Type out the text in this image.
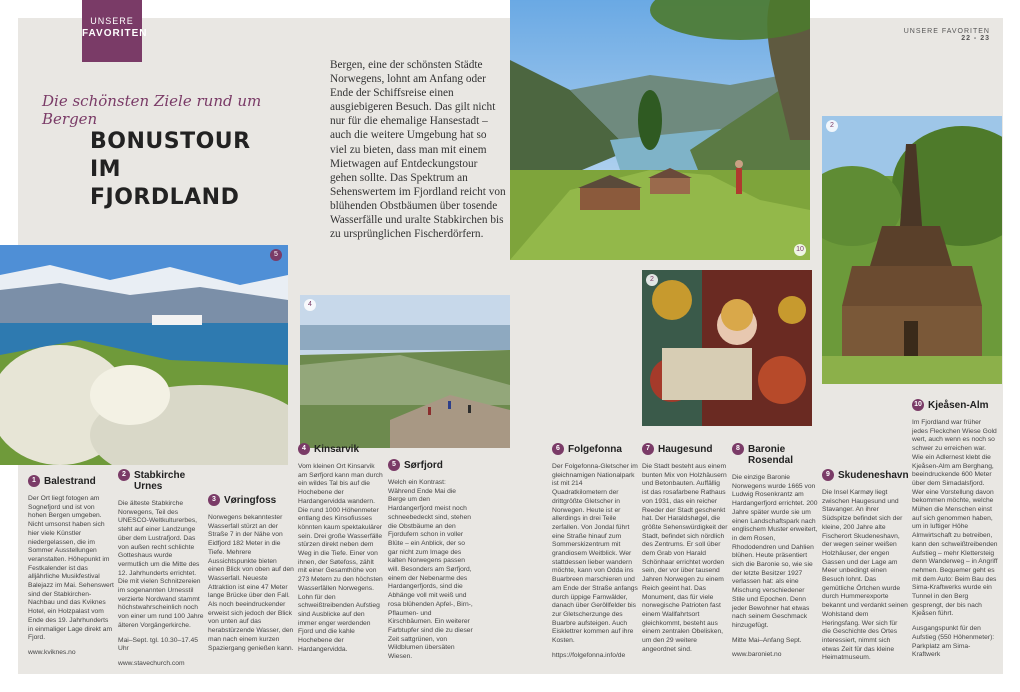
UNSERE
FAVORITEN	UNSERE FAVORITEN
22 - 23
Die schönsten Ziele rund um Bergen
BONUSTOUR
IM FJORDLAND
Bergen, eine der schönsten Städte Norwegens, lohnt am Anfang oder Ende der Schiffsreise einen ausgiebigeren Besuch. Das gilt nicht nur für die ehemalige Hansestadt – auch die weitere Umgebung hat so viel zu bieten, dass man mit einem Mietwagen auf Entdeckungstour gehen sollte. Das Spektrum an Sehenswertem im Fjordland reicht von blühenden Obstbäumen über tosende Wasserfälle und uralte Stabkirchen bis zu ursprünglichen Fischerdörfern.
10
2
5
4
2
1 Balestrand

Der Ort liegt fotogen am Sognefjord und ist von hohen Bergen umgeben. Nicht umsonst haben sich hier viele Künstler niedergelassen, die im Sommer Ausstellungen veranstalten. Höhepunkt im Festkalender ist das alljährliche Musikfestival Balejazz im Mai. Sehenswert sind der Stabkirchen-Nachbau und das Kviknes Hotel, ein Holzpalast vom Ende des 19. Jahrhunderts in einmaliger Lage direkt am Fjord.

www.kviknes.no
2 Stabkirche Urnes

Die älteste Stabkirche Norwegens, Teil des UNESCO-Weltkulturerbes, steht auf einer Landzunge über dem Lustrafjord. Das von außen recht schlichte Gotteshaus wurde vermutlich um die Mitte des 12. Jahrhunderts errichtet. Die mit vielen Schnitzereien im sogenannten Urnesstil verzierte Nordwand stammt höchstwahrscheinlich noch von einer um rund 100 Jahre älteren Vorgängerkirche.

Mai–Sept. tgl. 10.30–17.45 Uhr

www.stavechurch.com
3 Vøringfoss

Norwegens bekanntester Wasserfall stürzt an der Straße 7 in der Nähe von Eidfjord 182 Meter in die Tiefe. Mehrere Aussichtspunkte bieten einen Blick von oben auf den Wasserfall. Neueste Attraktion ist eine 47 Meter lange Brücke über den Fall. Als noch beeindruckender erweist sich jedoch der Blick von unten auf das herabstürzende Wasser, den man nach einem kurzen Spaziergang genießen kann.

4 Kinsarvik

Vom kleinen Ort Kinsarvik am Sørfjord kann man durch ein wildes Tal bis auf die Hochebene der Hardangervidda wandern. Die rund 1000 Höhenmeter entlang des Kinsofiusses könnten kaum spektakulärer sein. Drei große Wasserfälle stürzen direkt neben dem Weg in die Tiefe. Einer von ihnen, der Søtefoss, zählt mit einer Gesamthöhe von 273 Metern zu den höchsten Wasserfällen Norwegens. Lohn für den schweißtreibenden Aufstieg sind Ausblicke auf den immer enger werdenden Fjord und die kahle Hochebene der Hardangervidda.

5 Sørfjord

Welch ein Kontrast: Während Ende Mai die Berge um den Hardangerfjord meist noch schneebedeckt sind, stehen die Obstbäume an den Fjordufern schon in voller Blüte – ein Anblick, der so gar nicht zum Image des kalten Norwegens passen will. Besonders am Sørfjord, einem der Nebenarme des Hardangerfjords, sind die Abhänge voll mit weiß und rosa blühenden Apfel-, Birn-, Pflaumen- und Kirschbäumen. Ein weiterer Farbtupfer sind die zu dieser Zeit sattgrünen, von Wildblumen übersäten Wiesen.

6 Folgefonna

Der Folgefonna-Gletscher im gleichnamigen Nationalpark ist mit 214 Quadratkilometern der drittgrößte Gletscher in Norwegen. Heute ist er allerdings in drei Teile zerfallen. Von Jondal führt eine Straße hinauf zum Sommerskizentrum mit grandiosem Weitblick. Wer stattdessen lieber wandern möchte, kann von Odda ins Buarbreen marschieren und am Ende der Straße anfangs durch üppige Farnwälder, danach über Geröllfelder bis zur Gletscherzunge des Buarbre aufsteigen. Auch Eisklettrer kommen auf ihre Kosten.

https://folgefonna.info/de
7 Haugesund

Die Stadt besteht aus einem bunten Mix von Holzhäusern und Betonbauten. Auffällig ist das rosafarbene Rathaus von 1931, das ein reicher Reeder der Stadt geschenkt hat. Der Haraldshøgel, die größte Sehenswürdigkeit der Stadt, befindet sich nördlich des Zentrums. Er soll über dem Grab von Harald Schönhaar errichtet worden sein, der vor über tausend Jahren Norwegen zu einem Reich geeint hat. Das Monument, das für viele norwegische Patrioten fast einem Wallfahrtsort gleichkommt, besteht aus einem zentralen Obelisken, um den 29 weitere angeordnet sind.

8 Baronie Rosendal

Die einzige Baronie Norwegens wurde 1665 von Ludwig Rosenkrantz am Hardangerfjord errichtet. 200 Jahre später wurde sie um einen Landschaftspark nach englischem Muster erweitert, in dem Rosen, Rhododendren und Dahlien blühen. Heute präsentiert sich die Baronie so, wie sie der letzte Besitzer 1927 verlassen hat: als eine Mischung verschiedener Stile und Epochen. Denn jeder Bewohner hat etwas nach seinem Geschmack hinzugefügt.

Mitte Mai–Anfang Sept.

www.baroniet.no
9 Skudeneshavn

Die Insel Karmøy liegt zwischen Haugesund und Stavanger. An ihrer Südspitze befindet sich der kleine, 200 Jahre alte Fischerort Skudeneshavn, der wegen seiner weißen Holzhäuser, der engen Gassen und der Lage am Meer unbedingt einen Besuch lohnt. Das gemütliche Örtchen wurde durch Hummerexporte bekannt und verdankt seinen Wohlstand dem Heringsfang. Wer sich für die Geschichte des Ortes interessiert, nimmt sich etwas Zeit für das kleine Heimatmuseum.

10 Kjeåsen-Alm

Im Fjordland war früher jedes Fleckchen Wiese Gold wert, auch wenn es noch so schwer zu erreichen war. Wie ein Adlernest klebt die Kjeåsen-Alm am Berghang, beeindruckende 600 Meter über dem Simadalsfjord. Wer eine Vorstellung davon bekommen möchte, welche Mühen die Menschen einst auf sich genommen haben, um in luftiger Höhe Almwirtschaft zu betreiben, kann den schweißtreibenden Aufstieg – mehr Klettersteig denn Wanderweg – in Angriff nehmen. Bequemer geht es mit dem Auto: Beim Bau des Sima-Kraftwerks wurde ein Tunnel in den Berg gesprengt, der bis nach Kjeåsen führt.

Ausgangspunkt für den Aufstieg (550 Höhenmeter): Parkplatz am Sima-Kraftwerk
